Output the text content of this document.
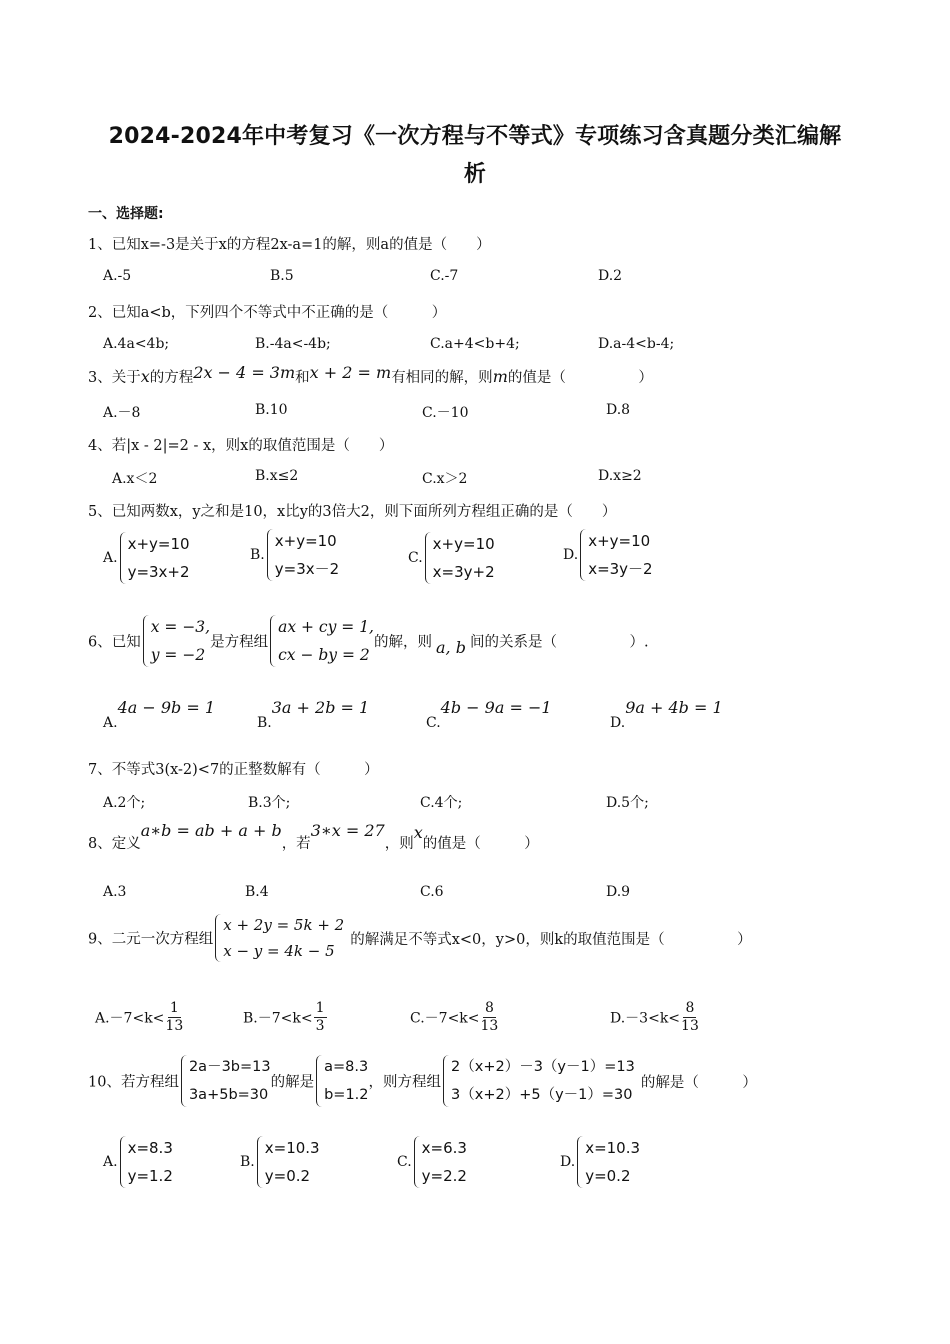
2024-2024年中考复习《一次方程与不等式》专项练习含真题分类汇编解
析
一、选择题:
1、已知x=-3是关于x的方程2x-a=1的解，则a的值是（　　）
A.-5	B.5	C.-7	D.2
2、已知a<b，下列四个不等式中不正确的是（　　　）
A.4a<4b;	B.-4a<-4b;	C.a+4<b+4;	D.a-4<b-4;
3、关于x的方程2x − 4 = 3m和x + 2 = m有相同的解，则m的值是（　　　　　）
A.－8	B.10	C.－10	D.8
4、若|x - 2|=2 - x，则x的取值范围是（　　）
A.x＜2	B.x≤2	C.x＞2	D.x≥2
5、已知两数x，y之和是10，x比y的3倍大2，则下面所列方程组正确的是（　　）
A.
x+y=10
y=3x+2
B.
x+y=10
y=3x－2
C.
x+y=10
x=3y+2
D.
x+y=10
x=3y－2
6、已知
x = −3,
y = −2
是方程组
ax + cy = 1,
cx − by = 2
的解，则 a, b 间的关系是（　　　　　）.
A.4a − 9b = 1
B.3a + 2b = 1
C.4b − 9a = −1
D.9a + 4b = 1
7、不等式3(x-2)<7的正整数解有（　　　）
A.2个;	B.3个;	C.4个;	D.5个;
8、定义a∗b = ab + a + b，若3∗x = 27，则x的值是（　　　）
A.3	B.4	C.6	D.9
9、二元一次方程组
x + 2y = 5k + 2
x − y = 4k − 5
的解满足不等式x<0，y>0，则k的取值范围是（　　　　　）
$A.-7<k< \frac{1}{13}$	$B.-7<k< \frac{1}{3}$	$C.-7<k< \frac{8}{13}$	$D.-3<k< \frac{8}{13}$
10、若方程组
2a－3b=13
3a+5b=30
的解是
a=8.3
b=1.2
，则方程组
2（x+2）－3（y－1）=13
3（x+2）+5（y－1）=30
的解是（　　　）
A.
x=8.3
y=1.2
B.
x=10.3
y=0.2
C.
x=6.3
y=2.2
D.
x=10.3
y=0.2
